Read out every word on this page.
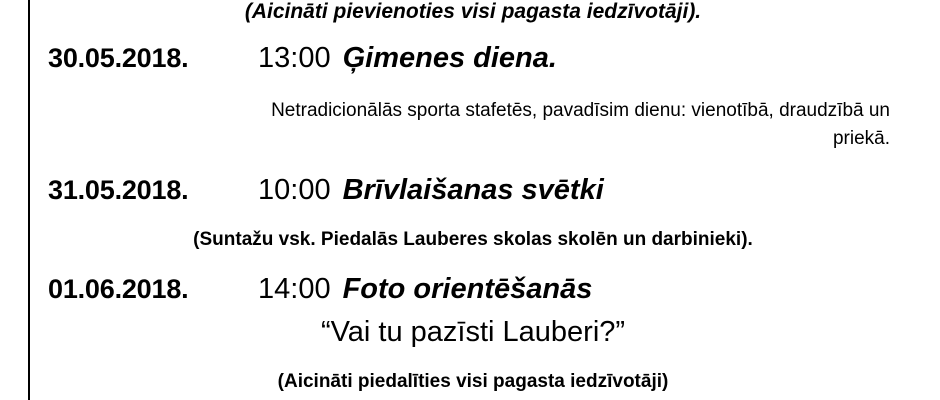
(Aicināti pievienoties visi pagasta iedzīvotāji).
30.05.2018.	13:00 Ģimenes diena.
Netradicionālās sporta stafetēs, pavadīsim dienu: vienotībā, draudzībā un priekā.
31.05.2018.	10:00 Brīvlaišanas svētki
(Suntažu vsk. Piedalās Lauberes skolas skolēn un darbinieki).
01.06.2018.	14:00 Foto orientēšanās
“Vai tu pazīsti Lauberi?”
(Aicināti piedalīties visi pagasta iedzīvotāji)
